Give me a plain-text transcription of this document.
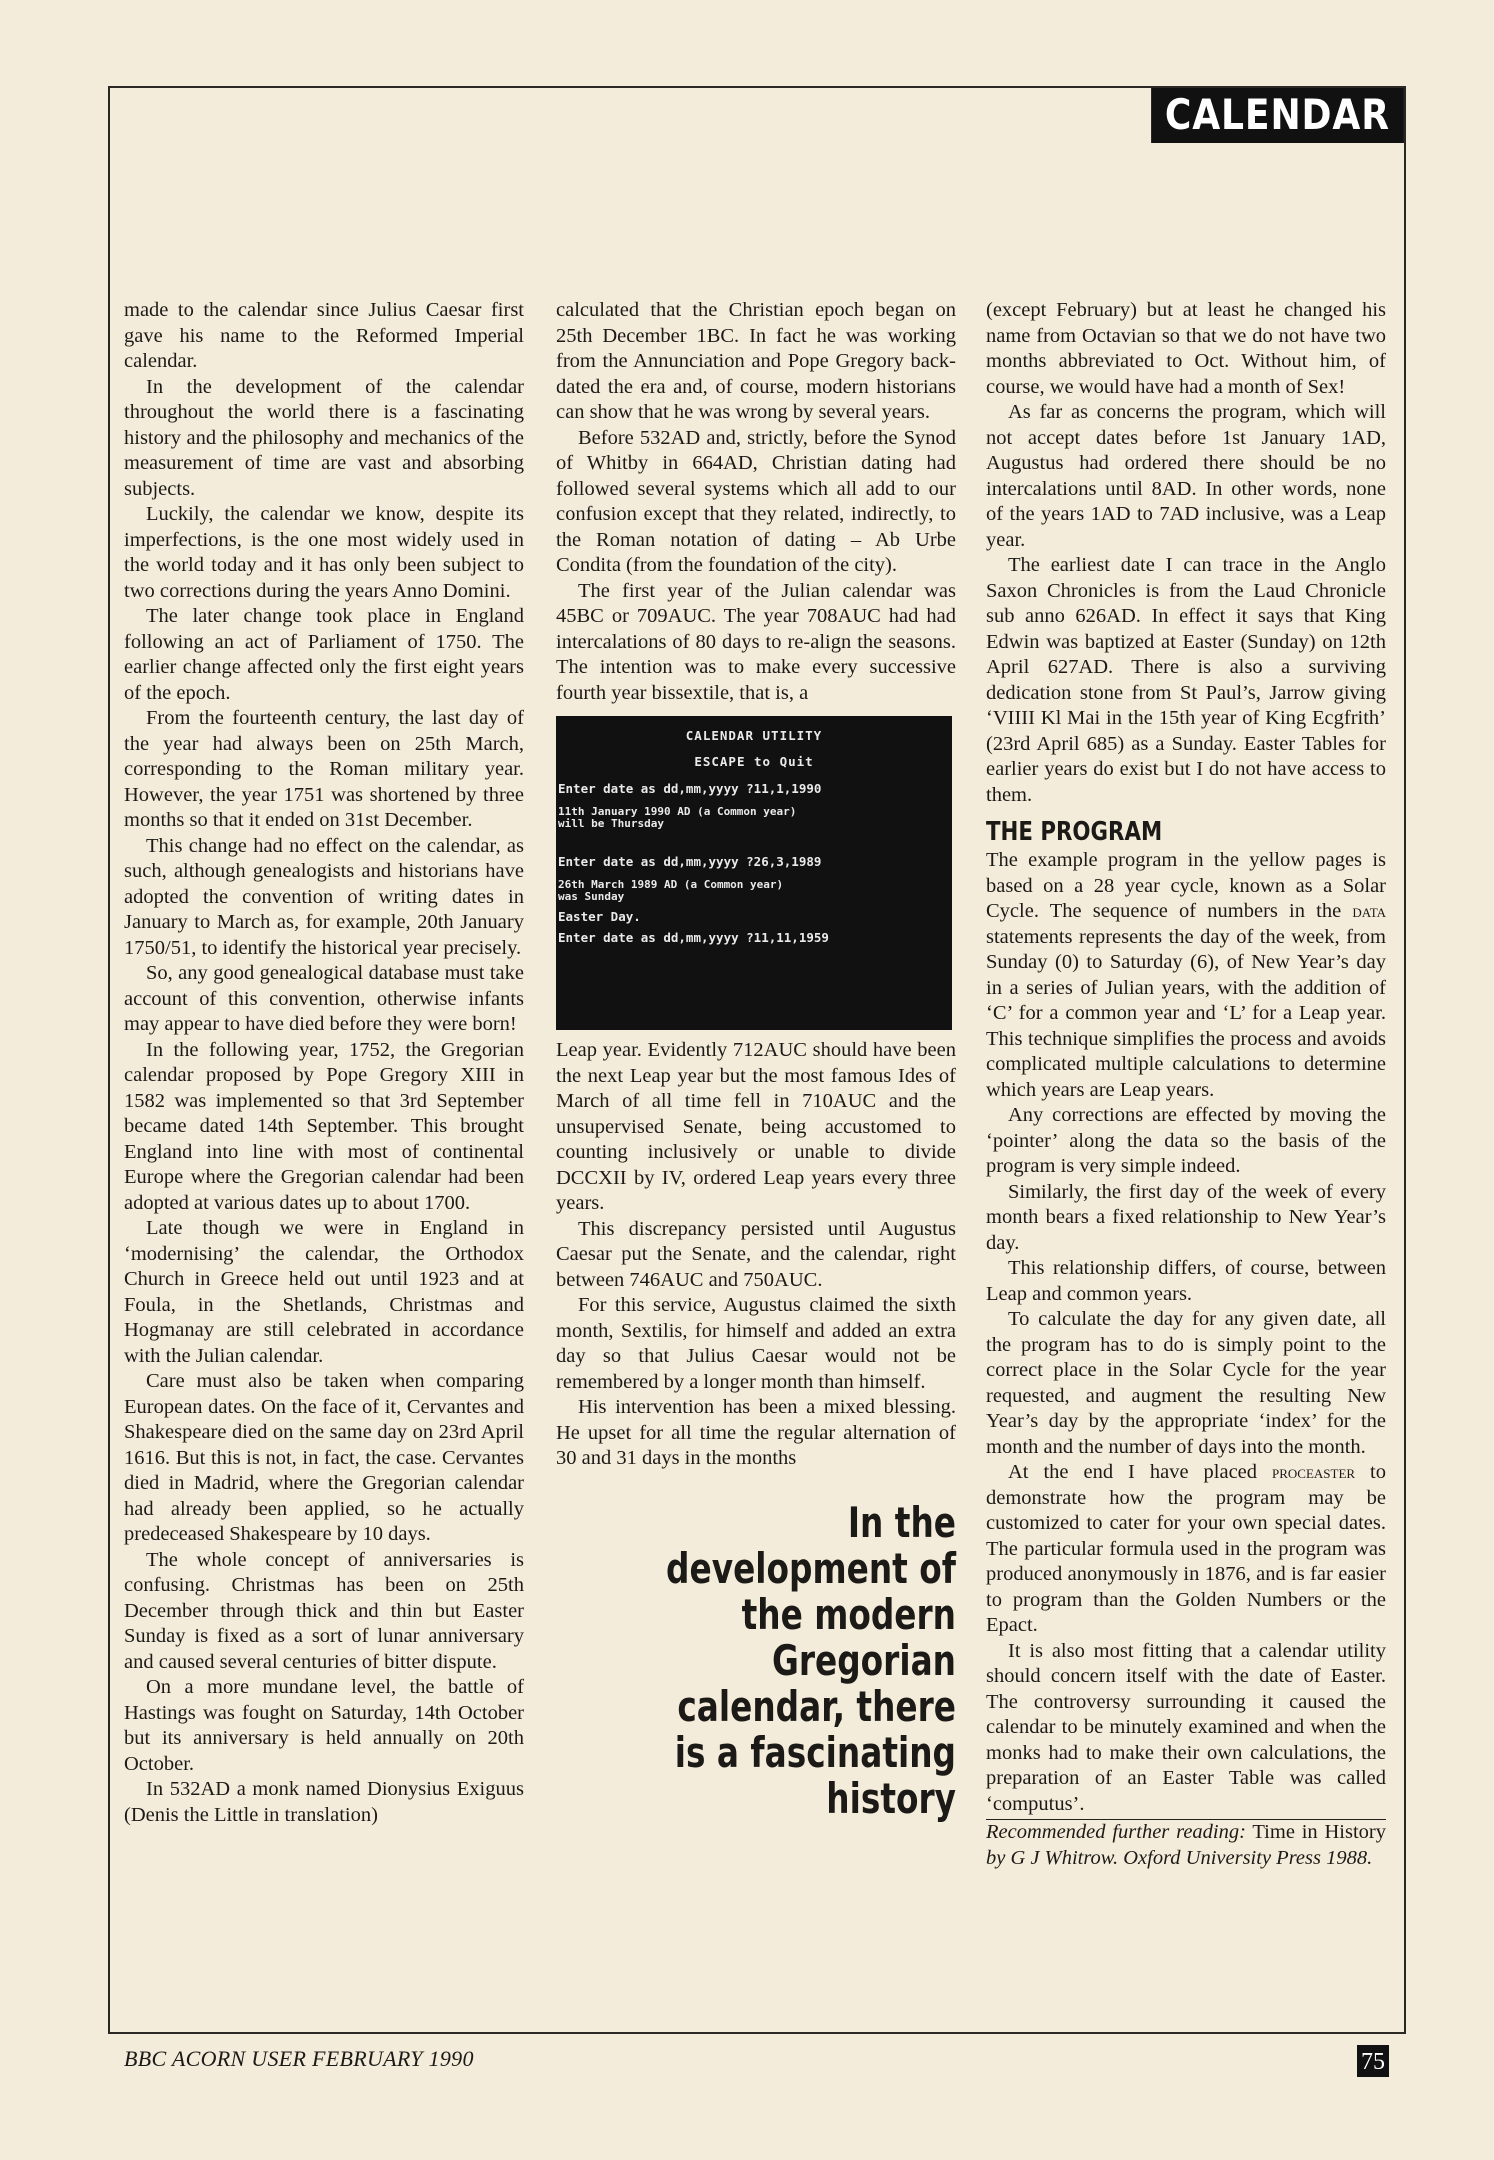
CALENDAR

made to the calendar since Julius Caesar first gave his name to the Reformed Imperial calendar.

In the development of the calendar throughout the world there is a fascinating history and the philosophy and mechanics of the measurement of time are vast and absorbing subjects.

Luckily, the calendar we know, despite its imperfections, is the one most widely used in the world today and it has only been subject to two corrections during the years Anno Domini.

The later change took place in England following an act of Parliament of 1750. The earlier change affected only the first eight years of the epoch.

From the fourteenth century, the last day of the year had always been on 25th March, corresponding to the Roman military year. However, the year 1751 was shortened by three months so that it ended on 31st December.

This change had no effect on the calendar, as such, although genealogists and historians have adopted the convention of writing dates in January to March as, for example, 20th January 1750/51, to identify the historical year precisely.

So, any good genealogical database must take account of this convention, otherwise infants may appear to have died before they were born!

In the following year, 1752, the Gregorian calendar proposed by Pope Gregory XIII in 1582 was implemented so that 3rd September became dated 14th September. This brought England into line with most of continental Europe where the Gregorian calendar had been adopted at various dates up to about 1700.

Late though we were in England in ‘modernising’ the calendar, the Orthodox Church in Greece held out until 1923 and at Foula, in the Shetlands, Christmas and Hogmanay are still celebrated in accordance with the Julian calendar.

Care must also be taken when comparing European dates. On the face of it, Cervantes and Shakespeare died on the same day on 23rd April 1616. But this is not, in fact, the case. Cervantes died in Madrid, where the Gregorian calendar had already been applied, so he actually predeceased Shakespeare by 10 days.

The whole concept of anniversaries is confusing. Christmas has been on 25th December through thick and thin but Easter Sunday is fixed as a sort of lunar anniversary and caused several centuries of bitter dispute.

On a more mundane level, the battle of Hastings was fought on Saturday, 14th October but its anniversary is held annually on 20th October.

In 532AD a monk named Dionysius Exiguus (Denis the Little in translation)

calculated that the Christian epoch began on 25th December 1BC. In fact he was working from the Annunciation and Pope Gregory back-dated the era and, of course, modern historians can show that he was wrong by several years.

Before 532AD and, strictly, before the Synod of Whitby in 664AD, Christian dating had followed several systems which all add to our confusion except that they related, indirectly, to the Roman notation of dating – Ab Urbe Condita (from the foundation of the city).

The first year of the Julian calendar was 45BC or 709AUC. The year 708AUC had had intercalations of 80 days to re-align the seasons. The intention was to make every successive fourth year bissextile, that is, a

CALENDAR UTILITY
ESCAPE to Quit
Enter date as dd,mm,yyyy ?11,1,1990
11th January 1990 AD (a Common year)
will be Thursday
Enter date as dd,mm,yyyy ?26,3,1989
26th March 1989 AD (a Common year)
was Sunday
Easter Day.
Enter date as dd,mm,yyyy ?11,11,1959

Leap year. Evidently 712AUC should have been the next Leap year but the most famous Ides of March of all time fell in 710AUC and the unsupervised Senate, being accustomed to counting inclusively or unable to divide DCCXII by IV, ordered Leap years every three years.

This discrepancy persisted until Augustus Caesar put the Senate, and the calendar, right between 746AUC and 750AUC.

For this service, Augustus claimed the sixth month, Sextilis, for himself and added an extra day so that Julius Caesar would not be remembered by a longer month than himself.

His intervention has been a mixed blessing. He upset for all time the regular alternation of 30 and 31 days in the months

In the development of the modern Gregorian calendar, there is a fascinating history

(except February) but at least he changed his name from Octavian so that we do not have two months abbreviated to Oct. Without him, of course, we would have had a month of Sex!

As far as concerns the program, which will not accept dates before 1st January 1AD, Augustus had ordered there should be no intercalations until 8AD. In other words, none of the years 1AD to 7AD inclusive, was a Leap year.

The earliest date I can trace in the Anglo Saxon Chronicles is from the Laud Chronicle sub anno 626AD. In effect it says that King Edwin was baptized at Easter (Sunday) on 12th April 627AD. There is also a surviving dedication stone from St Paul’s, Jarrow giving ‘VIIII Kl Mai in the 15th year of King Ecgfrith’ (23rd April 685) as a Sunday. Easter Tables for earlier years do exist but I do not have access to them.

THE PROGRAM

The example program in the yellow pages is based on a 28 year cycle, known as a Solar Cycle. The sequence of numbers in the data statements represents the day of the week, from Sunday (0) to Saturday (6), of New Year’s day in a series of Julian years, with the addition of ‘C’ for a common year and ‘L’ for a Leap year. This technique simplifies the process and avoids complicated multiple calculations to determine which years are Leap years.

Any corrections are effected by moving the ‘pointer’ along the data so the basis of the program is very simple indeed.

Similarly, the first day of the week of every month bears a fixed relationship to New Year’s day.

This relationship differs, of course, between Leap and common years.

To calculate the day for any given date, all the program has to do is simply point to the correct place in the Solar Cycle for the year requested, and augment the resulting New Year’s day by the appropriate ‘index’ for the month and the number of days into the month.

At the end I have placed proceaster to demonstrate how the program may be customized to cater for your own special dates. The particular formula used in the program was produced anonymously in 1876, and is far easier to program than the Golden Numbers or the Epact.

It is also most fitting that a calendar utility should concern itself with the date of Easter. The controversy surrounding it caused the calendar to be minutely examined and when the monks had to make their own calculations, the preparation of an Easter Table was called ‘computus’.

Recommended further reading: Time in History by G J Whitrow. Oxford University Press 1988.
BBC ACORN USER FEBRUARY 1990	75
